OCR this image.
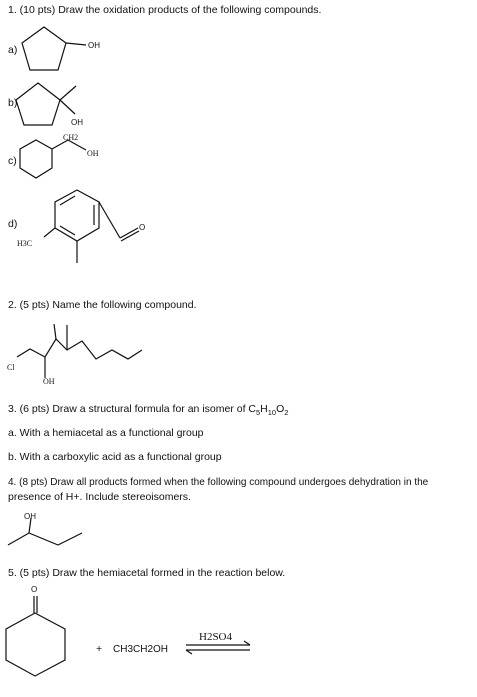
1. (10 pts) Draw the oxidation products of the following compounds.
a)
b)
c)
d)
OH
OH
CH2
OH
H3C
O
Cl
OH
OH
O
2. (5 pts) Name the following compound.
3. (6 pts) Draw a structural formula for an isomer of $C_5H_{10}O_2$
a. With a hemiacetal as a functional group
b. With a carboxylic acid as a functional group
4. (8 pts) Draw all products formed when the following compound undergoes dehydration in the
presence of H+. Include stereoisomers.
5. (5 pts) Draw the hemiacetal formed in the reaction below.
+ CH3CH2OH
H2SO4
